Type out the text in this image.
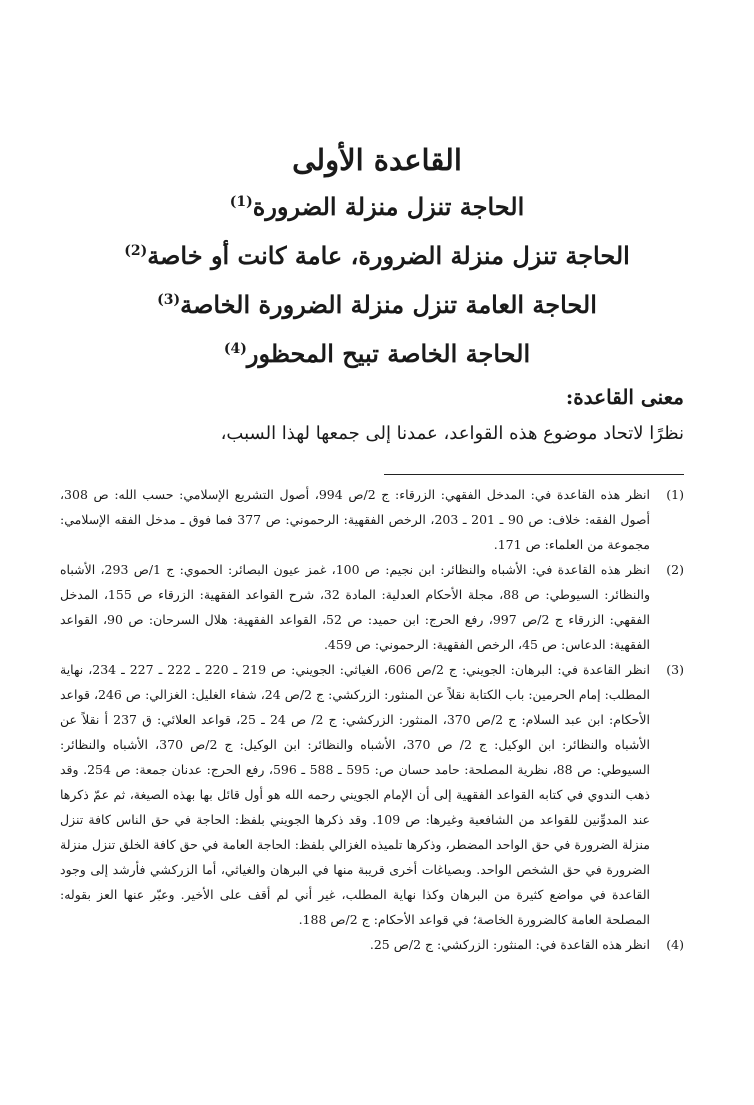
القاعدة الأولى

الحاجة تنزل منزلة الضرورة$^{(1)}$

الحاجة تنزل منزلة الضرورة، عامة كانت أو خاصة$^{(2)}$

الحاجة العامة تنزل منزلة الضرورة الخاصة$^{(3)}$

الحاجة الخاصة تبيح المحظور$^{(4)}$

معنى القاعدة:

نظرًا لاتحاد موضوع هذه القواعد، عمدنا إلى جمعها لهذا السبب،

(1)
انظر هذه القاعدة في: المدخل الفقهي: الزرقاء: ج 2/ص 994، أصول التشريع الإسلامي: حسب الله: ص 308، أصول الفقه: خلاف: ص 90 ـ 201 ـ 203، الرخص الفقهية: الرحموني: ص 377 فما فوق ـ مدخل الفقه الإسلامي: مجموعة من العلماء: ص 171.

(2)
انظر هذه القاعدة في: الأشباه والنظائر: ابن نجيم: ص 100، غمز عيون البصائر: الحموي: ج 1/ص 293، الأشباه والنظائر: السيوطي: ص 88، مجلة الأحكام العدلية: المادة 32، شرح القواعد الفقهية: الزرقاء ص 155، المدخل الفقهي: الزرقاء ج 2/ص 997، رفع الحرج: ابن حميد: ص 52، القواعد الفقهية: هلال السرحان: ص 90، القواعد الفقهية: الدعاس: ص 45، الرخص الفقهية: الرحموني: ص 459.

(3)
انظر القاعدة في: البرهان: الجويني: ج 2/ص 606، الغياثي: الجويني: ص 219 ـ 220 ـ 222 ـ 227 ـ 234، نهاية المطلب: إمام الحرمين: باب الكتابة نقلاً عن المنثور: الزركشي: ج 2/ص 24، شفاء الغليل: الغزالي: ص 246، قواعد الأحكام: ابن عبد السلام: ج 2/ص 370، المنثور: الزركشي: ج 2/ ص 24 ـ 25، قواعد العلائي: ق 237 أ نقلاً عن الأشباه والنظائر: ابن الوكيل: ج 2/ ص 370، الأشباه والنظائر: ابن الوكيل: ج 2/ص 370، الأشباه والنظائر: السيوطي: ص 88، نظرية المصلحة: حامد حسان ص: 595 ـ 588 ـ 596، رفع الحرج: عدنان جمعة: ص 254. وقد ذهب الندوي في كتابه القواعد الفقهية إلى أن الإمام الجويني رحمه الله هو أول قائل بها بهذه الصيغة، ثم عمّ ذكرها عند المدوِّنين للقواعد من الشافعية وغيرها: ص 109. وقد ذكرها الجويني بلفظ: الحاجة في حق الناس كافة تنزل منزلة الضرورة في حق الواحد المضطر، وذكرها تلميذه الغزالي بلفظ: الحاجة العامة في حق كافة الخلق تنزل منزلة الضرورة في حق الشخص الواحد. وبصياغات أخرى قريبة منها في البرهان والغياثي، أما الزركشي فأرشد إلى وجود القاعدة في مواضع كثيرة من البرهان وكذا نهاية المطلب، غير أني لم أقف على الأخير. وعبّر عنها العز بقوله: المصلحة العامة كالضرورة الخاصة؛ في قواعد الأحكام: ج 2/ص 188.

(4)
انظر هذه القاعدة في: المنثور: الزركشي: ج 2/ص 25.
